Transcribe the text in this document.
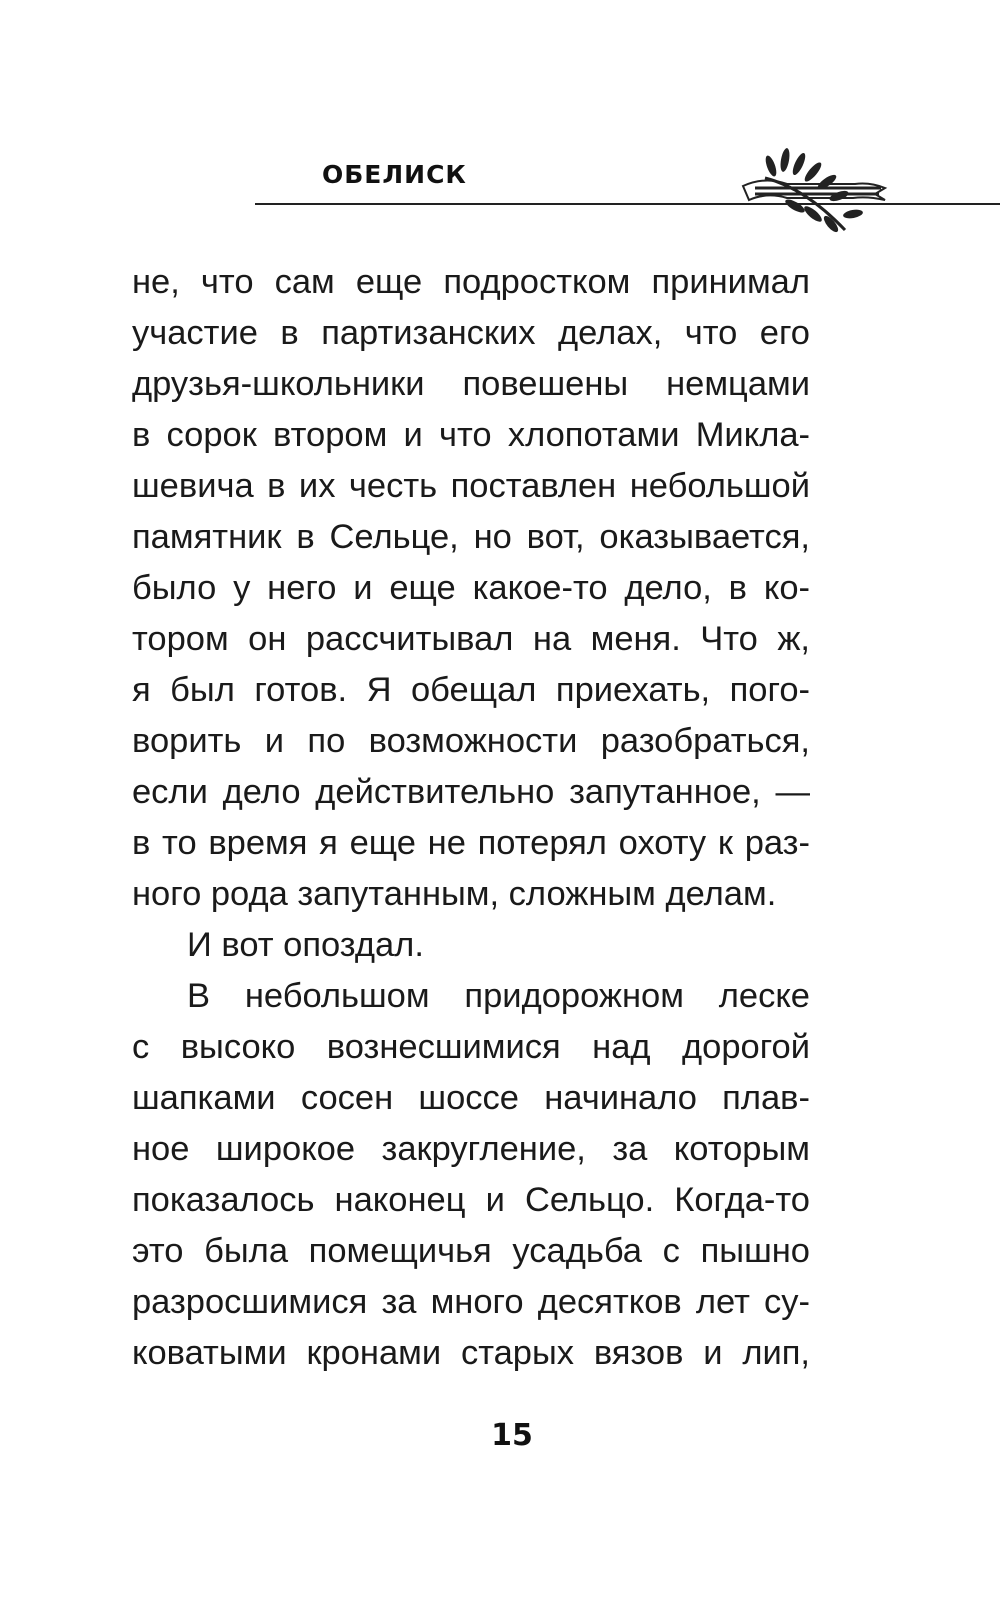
ОБЕЛИСК
не, что сам еще подростком принимал
участие в партизанских делах, что его
друзья-школьники повешены немцами
в сорок втором и что хлопотами Микла-
шевича в их честь поставлен небольшой
памятник в Сельце, но вот, оказывается,
было у него и еще какое-то дело, в ко-
тором он рассчитывал на меня. Что ж,
я был готов. Я обещал приехать, пого-
ворить и по возможности разобраться,
если дело действительно запутанное, —
в то время я еще не потерял охоту к раз-
ного рода запутанным, сложным делам.
И вот опоздал.
В небольшом придорожном леске
с высоко вознесшимися над дорогой
шапками сосен шоссе начинало плав-
ное широкое закругление, за которым
показалось наконец и Сельцо. Когда-то
это была помещичья усадьба с пышно
разросшимися за много десятков лет су-
коватыми кронами старых вязов и лип,
15
